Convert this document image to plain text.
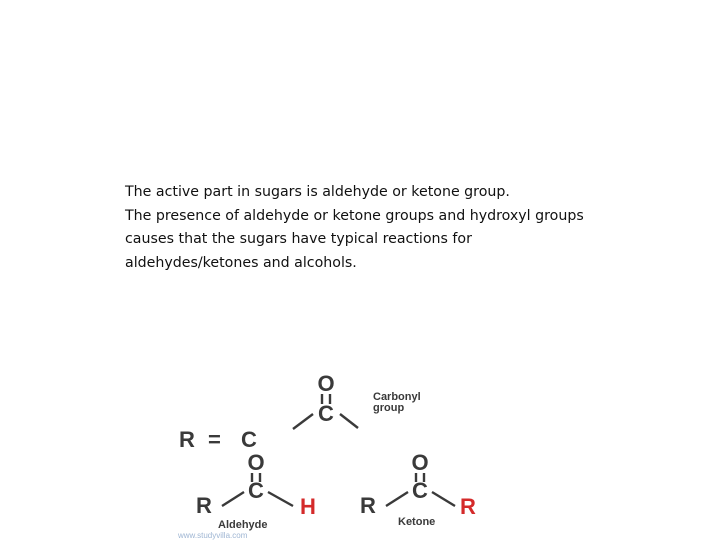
The active part in sugars is aldehyde or ketone group.
The presence of aldehyde or ketone groups and hydroxyl groups
causes that the sugars have typical reactions for
aldehydes/ketones and alcohols.
O
C
Carbonyl
group
R = C
O
C
R	H
Aldehyde
O
C
R	R
Ketone
www.studyvilla.com
